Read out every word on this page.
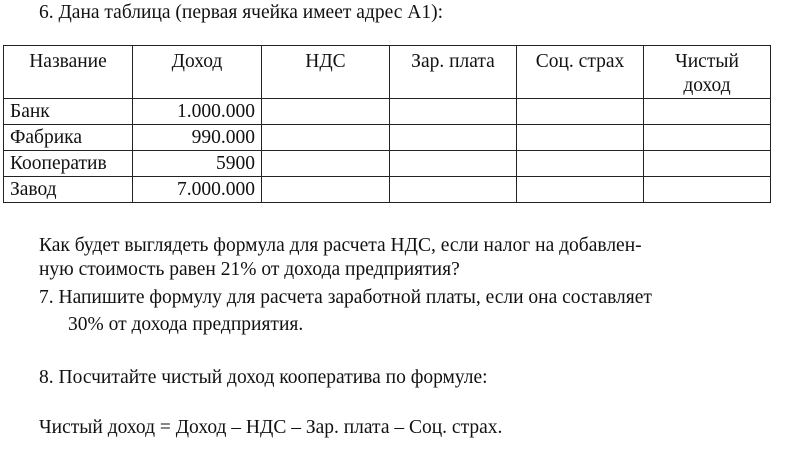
6. Дана таблица (первая ячейка имеет адрес А1):
Название	Доход	НДС	Зар. плата	Соц. страх	Чистый доход
Банк	1.000.000				
Фабрика	990.000				
Кооператив	5900				
Завод	7.000.000				
Как будет выглядеть формула для расчета НДС, если налог на добавлен-
ную стоимость равен 21% от дохода предприятия?
7. Напишите формулу для расчета заработной платы, если она составляет
30% от дохода предприятия.
8. Посчитайте чистый доход кооператива по формуле:
Чистый доход = Доход – НДС – Зар. плата – Соц. страх.
